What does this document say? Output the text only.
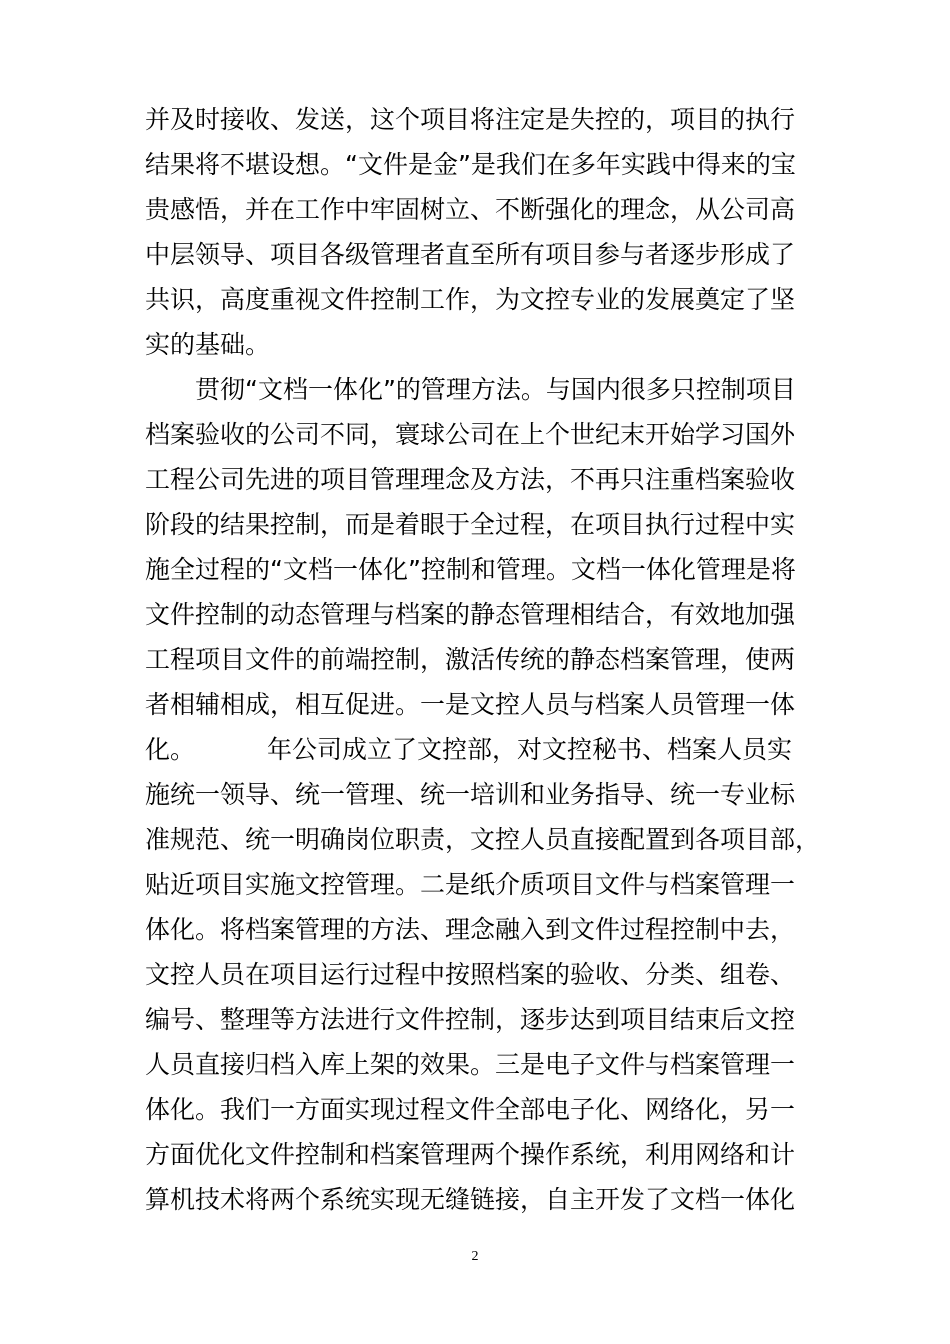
并及时接收、发送，这个项目将注定是失控的，项目的执行
结果将不堪设想。“文件是金”是我们在多年实践中得来的宝
贵感悟，并在工作中牢固树立、不断强化的理念，从公司高
中层领导、项目各级管理者直至所有项目参与者逐步形成了
共识，高度重视文件控制工作，为文控专业的发展奠定了坚
实的基础。
贯彻“文档一体化”的管理方法。与国内很多只控制项目
档案验收的公司不同，寰球公司在上个世纪末开始学习国外
工程公司先进的项目管理理念及方法，不再只注重档案验收
阶段的结果控制，而是着眼于全过程，在项目执行过程中实
施全过程的“文档一体化”控制和管理。文档一体化管理是将
文件控制的动态管理与档案的静态管理相结合，有效地加强
工程项目文件的前端控制，激活传统的静态档案管理，使两
者相辅相成，相互促进。一是文控人员与档案人员管理一体
化。	年公司成立了文控部，对文控秘书、档案人员实
施统一领导、统一管理、统一培训和业务指导、统一专业标
准规范、统一明确岗位职责，文控人员直接配置到各项目部，
贴近项目实施文控管理。二是纸介质项目文件与档案管理一
体化。将档案管理的方法、理念融入到文件过程控制中去，
文控人员在项目运行过程中按照档案的验收、分类、组卷、
编号、整理等方法进行文件控制，逐步达到项目结束后文控
人员直接归档入库上架的效果。三是电子文件与档案管理一
体化。我们一方面实现过程文件全部电子化、网络化，另一
方面优化文件控制和档案管理两个操作系统，利用网络和计
算机技术将两个系统实现无缝链接，自主开发了文档一体化
2
